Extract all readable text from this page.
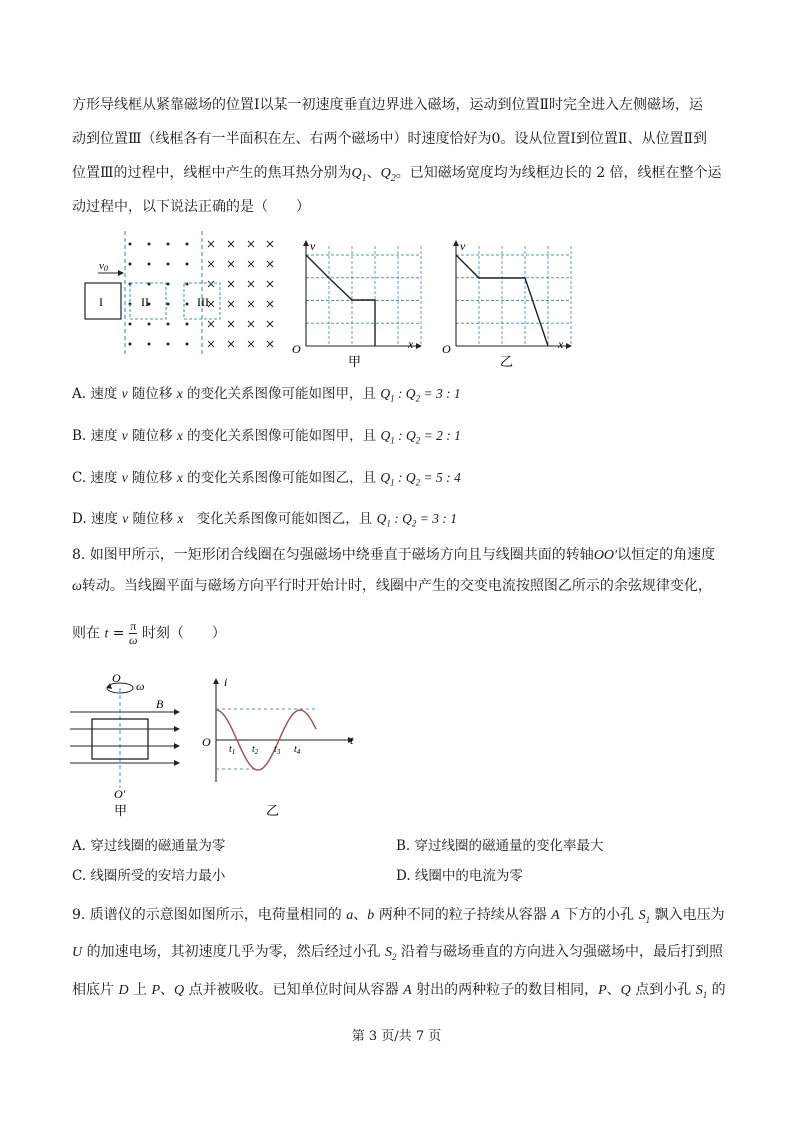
方形导线框从紧靠磁场的位置Ⅰ以某一初速度垂直边界进入磁场，运动到位置Ⅱ时完全进入左侧磁场，运
动到位置Ⅲ（线框各有一半面积在左、右两个磁场中）时速度恰好为0。设从位置Ⅰ到位置Ⅱ、从位置Ⅱ到
位置Ⅲ的过程中，线框中产生的焦耳热分别为$Q_1$、$Q_2$。已知磁场宽度均为线框边长的 2 倍，线框在整个运
动过程中，以下说法正确的是（　　）
I
v0
II	III
v
x
O
甲
v
x
O
乙
A. 速度 v 随位移 x 的变化关系图像可能如图甲，且 $Q_1$ : $Q_2 = 3$ : 1
B. 速度 v 随位移 x 的变化关系图像可能如图甲，且 $Q_1$ : $Q_2 = 2$ : 1
C. 速度 v 随位移 x 的变化关系图像可能如图乙，且 $Q_1$ : $Q_2 = 5$ : 4
D. 速度 v 随位移 x　变化关系图像可能如图乙，且 $Q_1$ : $Q_2 = 3$ : 1
8. 如图甲所示，一矩形闭合线圈在匀强磁场中绕垂直于磁场方向且与线圈共面的转轴OO′以恒定的角速度
ω转动。当线圈平面与磁场方向平行时开始计时，线圈中产生的交变电流按照图乙所示的余弦规律变化，
则在 $t = \frac{\pi}{\omega}$ 时刻（　　）
O
ω
B
O′
甲
i
t
O
$t_1$ $t_2$ $t_3$ $t_4$
乙
A. 穿过线圈的磁通量为零	B. 穿过线圈的磁通量的变化率最大
C. 线圈所受的安培力最小	D. 线圈中的电流为零
9. 质谱仪的示意图如图所示，电荷量相同的 a、b 两种不同的粒子持续从容器 A 下方的小孔 $S_1$ 飘入电压为
U 的加速电场，其初速度几乎为零，然后经过小孔 $S_2$ 沿着与磁场垂直的方向进入匀强磁场中，最后打到照
相底片 D 上 P、Q 点并被吸收。已知单位时间从容器 A 射出的两种粒子的数目相同，P、Q 点到小孔 $S_1$ 的
第 3 页/共 7 页
